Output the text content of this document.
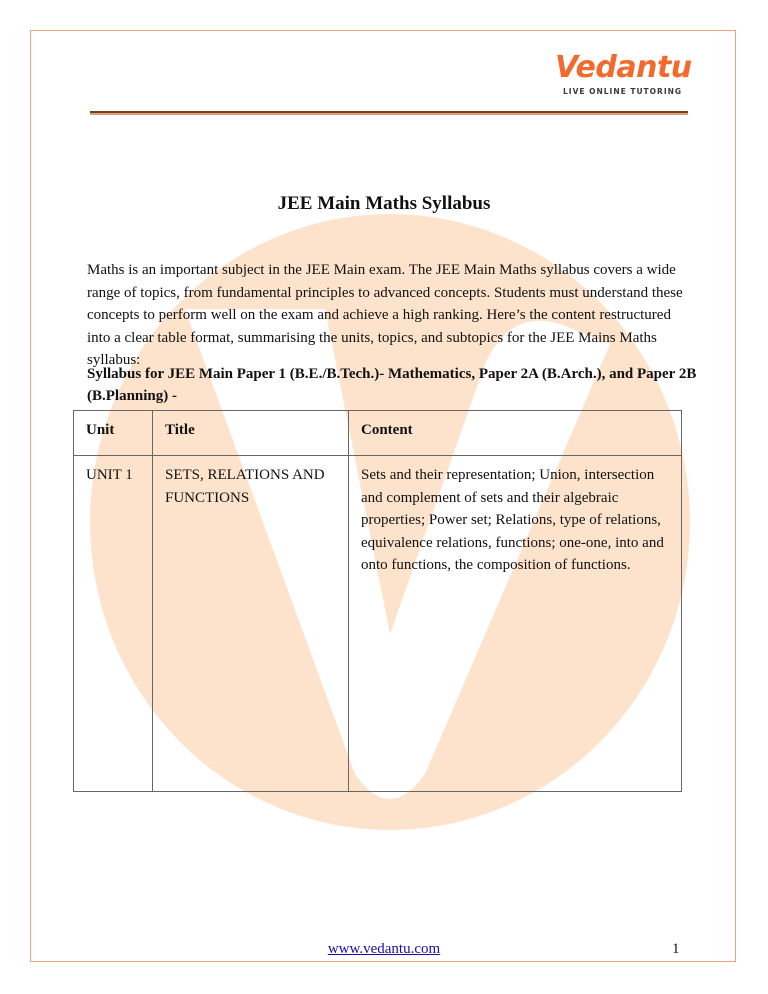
Vedantu
LIVE ONLINE TUTORING
JEE Main Maths Syllabus

Maths is an important subject in the JEE Main exam. The JEE Main Maths syllabus covers a wide range of topics, from fundamental principles to advanced concepts. Students must understand these concepts to perform well on the exam and achieve a high ranking. Here’s the content restructured into a clear table format, summarising the units, topics, and subtopics for the JEE Mains Maths syllabus:

Syllabus for JEE Main Paper 1 (B.E./B.Tech.)- Mathematics, Paper 2A (B.Arch.), and Paper 2B (B.Planning) -

Unit	Title	Content
UNIT 1	SETS, RELATIONS AND FUNCTIONS	Sets and their representation; Union, intersection and complement of sets and their algebraic properties; Power set; Relations, type of relations, equivalence relations, functions; one-one, into and onto functions, the composition of functions.
www.vedantu.com	1
